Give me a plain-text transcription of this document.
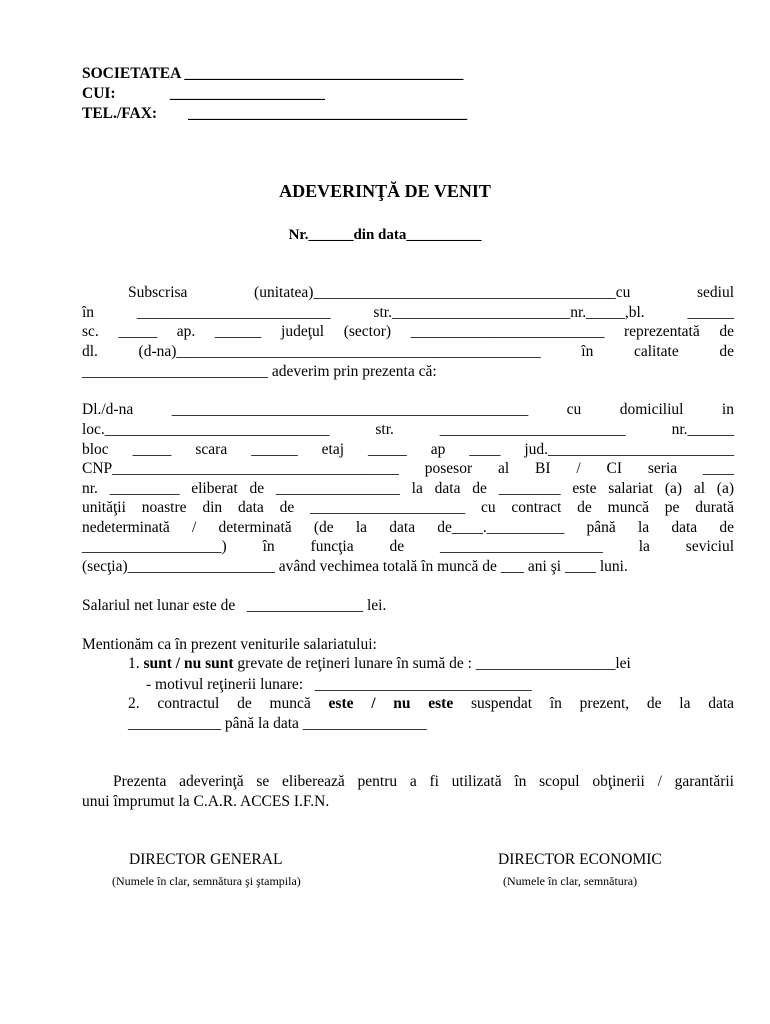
SOCIETATEA ____________________________________
CUI:              ____________________
TEL./FAX:        ____________________________________
ADEVERINŢĂ DE VENIT
Nr.______din data__________
Subscrisa (unitatea)_______________________________________cu sediul
în _________________________ str._______________________nr._____,bl. ______
sc. _____ ap. ______ judeţul (sector) _________________________ reprezentată de
dl. (d-na)_______________________________________________ în calitate de
________________________ adeverim prin prezenta că:
Dl./d-na ______________________________________________ cu domiciliul in
loc._____________________________ str. ________________________ nr.______
bloc _____ scara ______ etaj _____ ap ____ jud.________________________
CNP_____________________________________ posesor al BI / CI seria ____
nr. _________ eliberat de ________________ la data de ________ este salariat (a) al (a)
unităţii noastre din data de ____________________ cu contract de muncă pe durată
nedeterminată / determinată (de la data de____.__________ până la data de
__________________) în funcţia de _____________________ la seviciul
(secţia)___________________ având vechimea totală în muncă de ___ ani şi ____ luni.
Salariul net lunar este de   _______________ lei.
Mentionăm ca în prezent veniturile salariatului:
1. sunt / nu sunt grevate de reţineri lunare în sumă de : __________________lei
- motivul reţinerii lunare:   ____________________________
2. contractul de muncă este / nu este suspendat în prezent, de la data
____________ până la data ________________
Prezenta adeverinţă se eliberează pentru a fi utilizată în scopul obţinerii / garantării
unui împrumut la C.A.R. ACCES I.F.N.
DIRECTOR GENERAL
(Numele în clar, semnătura şi ştampila)
DIRECTOR ECONOMIC
(Numele în clar, semnătura)
